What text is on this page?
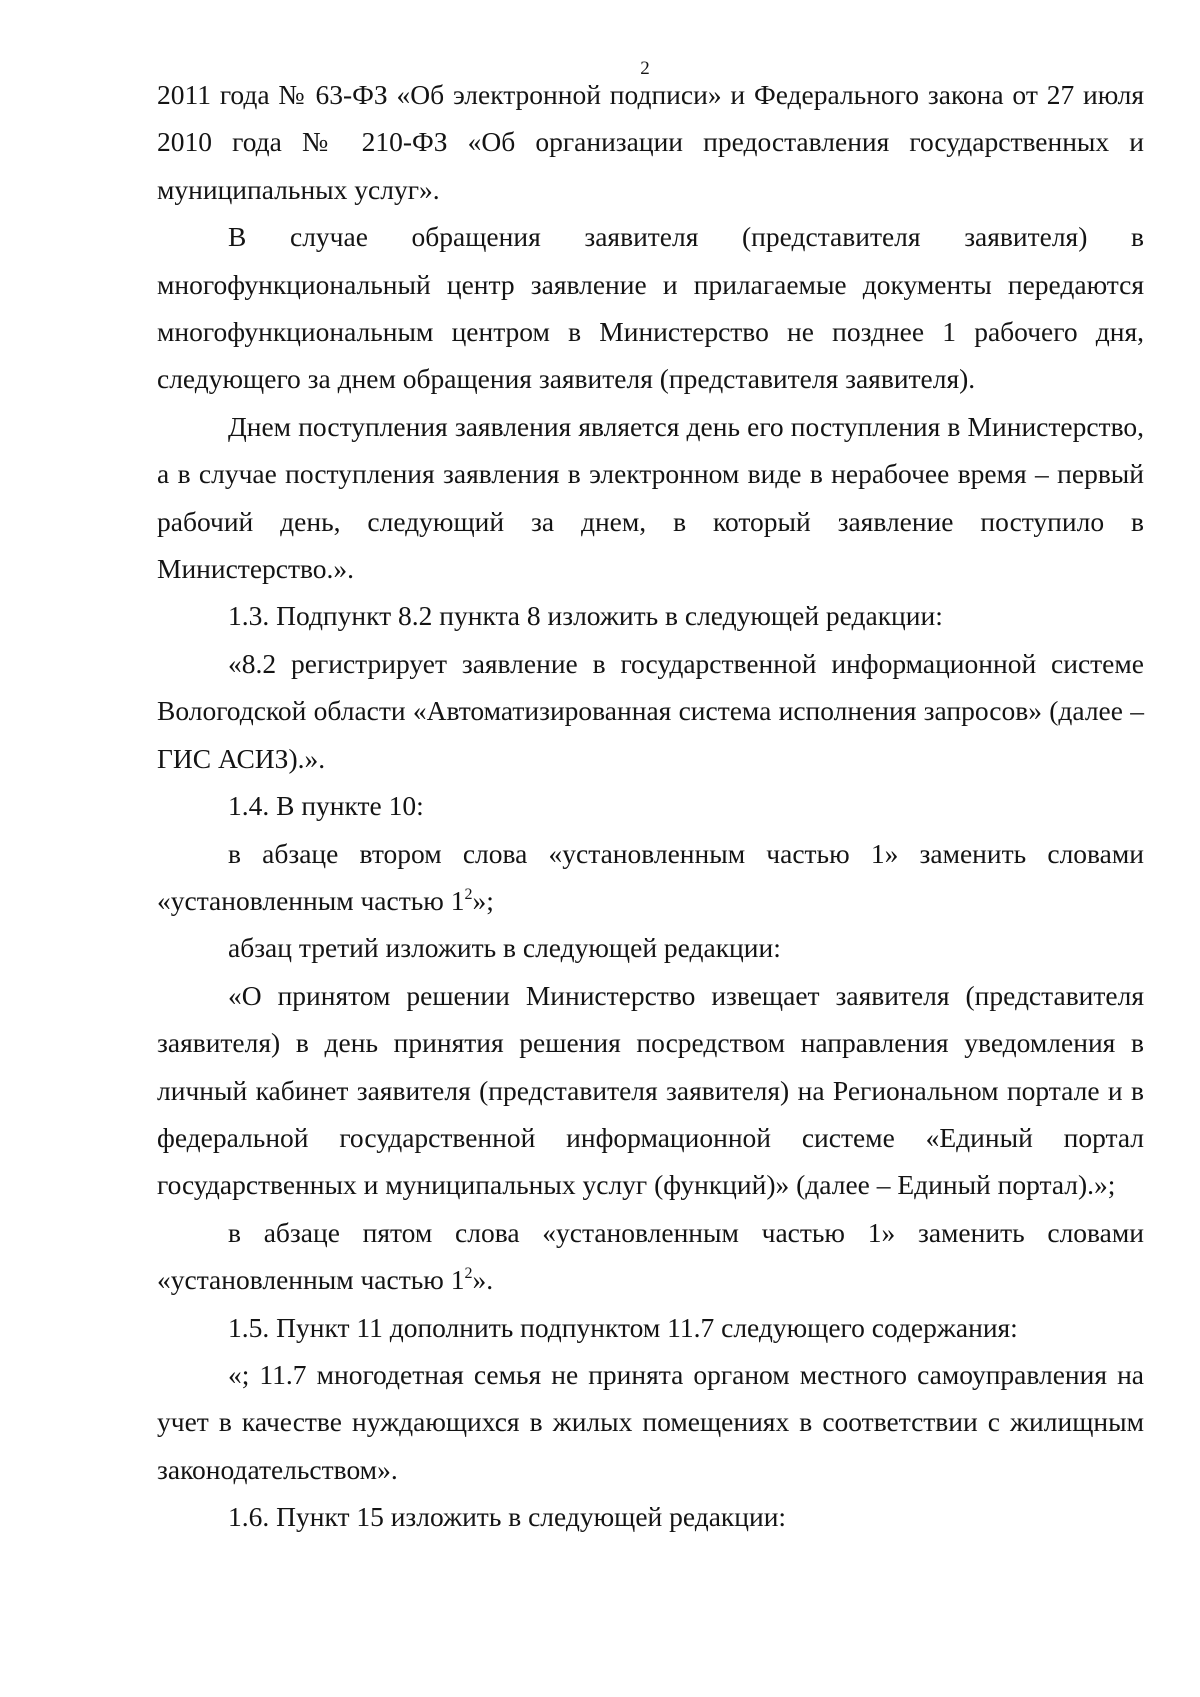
2

2011 года № 63-ФЗ «Об электронной подписи» и Федерального закона от 27 июля 2010 года № 210-ФЗ «Об организации предоставления государственных и муниципальных услуг».

В случае обращения заявителя (представителя заявителя) в многофункциональный центр заявление и прилагаемые документы передаются многофункциональным центром в Министерство не позднее 1 рабочего дня, следующего за днем обращения заявителя (представителя заявителя).

Днем поступления заявления является день его поступления в Министерство, а в случае поступления заявления в электронном виде в нерабочее время – первый рабочий день, следующий за днем, в который заявление поступило в Министерство.».

1.3. Подпункт 8.2 пункта 8 изложить в следующей редакции:

«8.2 регистрирует заявление в государственной информационной системе Вологодской области «Автоматизированная система исполнения запросов» (далее – ГИС АСИЗ).».

1.4. В пункте 10:

в абзаце втором слова «установленным частью 1» заменить словами «установленным частью $1^2$»;

абзац третий изложить в следующей редакции:

«О принятом решении Министерство извещает заявителя (представителя заявителя) в день принятия решения посредством направления уведомления в личный кабинет заявителя (представителя заявителя) на Региональном портале и в федеральной государственной информационной системе «Единый портал государственных и муниципальных услуг (функций)» (далее – Единый портал).»;

в абзаце пятом слова «установленным частью 1» заменить словами «установленным частью $1^2$».

1.5. Пункт 11 дополнить подпунктом 11.7 следующего содержания:

«; 11.7 многодетная семья не принята органом местного самоуправления на учет в качестве нуждающихся в жилых помещениях в соответствии с жилищным законодательством».

1.6. Пункт 15 изложить в следующей редакции:
